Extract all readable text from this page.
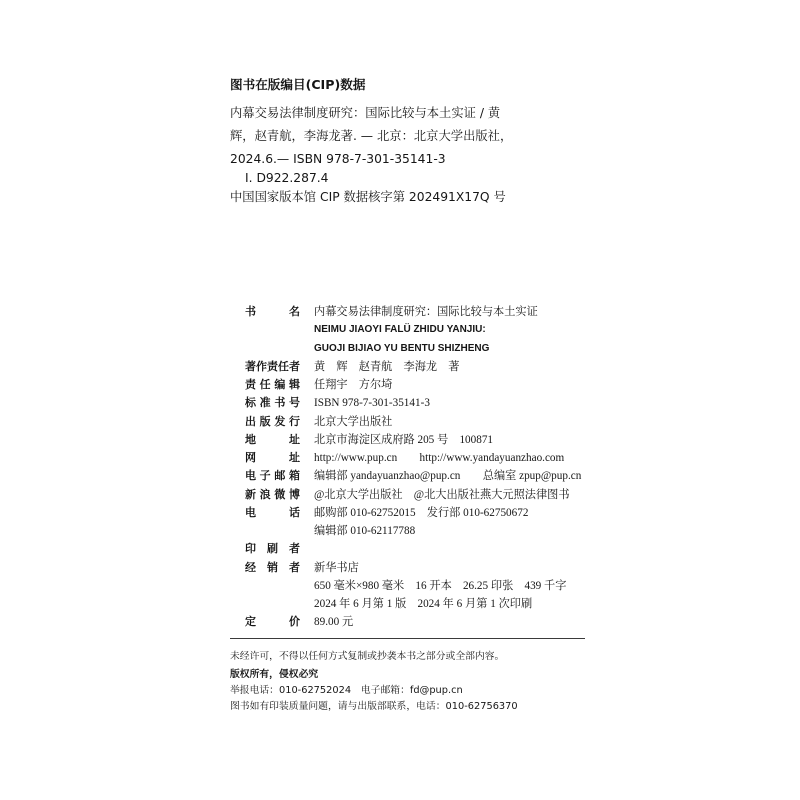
图书在版编目(CIP)数据
内幕交易法律制度研究：国际比较与本土实证 / 黄
辉，赵青航，李海龙著. — 北京：北京大学出版社，
2024.6.— ISBN 978-7-301-35141-3
Ⅰ. D922.287.4
中国国家版本馆 CIP 数据核字第 202491X17Q 号
书	名 内幕交易法律制度研究：国际比较与本土实证
NEIMU JIAOYI FALÜ ZHIDU YANJIU:
GUOJI BIJIAO YU BENTU SHIZHENG
著 作 责 任 者 黄　辉　赵青航　李海龙　著
责 任 编 辑 任翔宇　方尔埼
标 准 书 号 ISBN 978-7-301-35141-3
出 版 发 行 北京大学出版社
地	址 北京市海淀区成府路 205 号　100871
网	址 http://www.pup.cn　　http://www.yandayuanzhao.com
电 子 邮 箱 编辑部 yandayuanzhao@pup.cn　　总编室 zpup@pup.cn
新 浪 微 博 @北京大学出版社　@北大出版社燕大元照法律图书
电	话 邮购部 010-62752015　发行部 010-62750672
编辑部 010-62117788
印 刷 者
经 销 者 新华书店
650 毫米×980 毫米　16 开本　26.25 印张　439 千字
2024 年 6 月第 1 版　2024 年 6 月第 1 次印刷
定	价 89.00 元
未经许可，不得以任何方式复制或抄袭本书之部分或全部内容。
版权所有，侵权必究
举报电话：010-62752024　电子邮箱：fd@pup.cn
图书如有印装质量问题，请与出版部联系，电话：010-62756370
